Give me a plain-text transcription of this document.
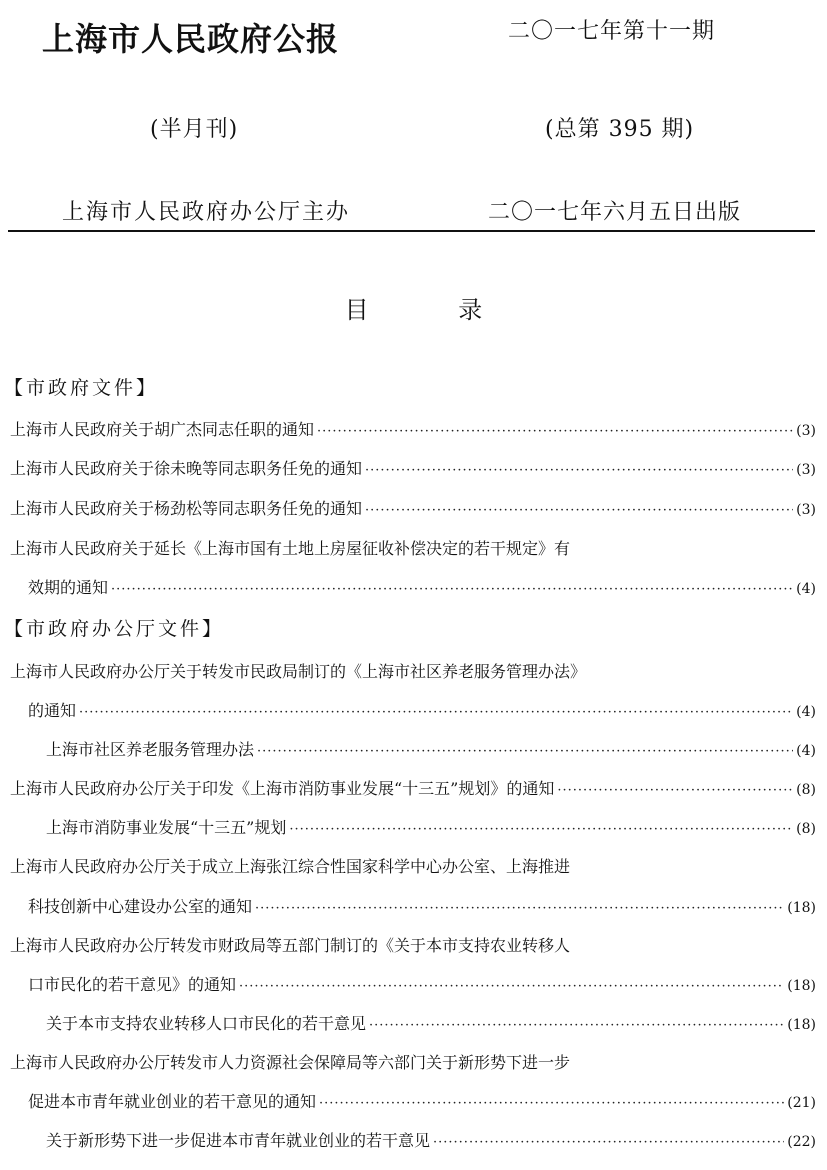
上海市人民政府公报	二〇一七年第十一期
(半月刊)	(总第 395 期)
上海市人民政府办公厅主办	二〇一七年六月五日出版
目 录
【市政府文件】
上海市人民政府关于胡广杰同志任职的通知 ·····	(3)
上海市人民政府关于徐未晚等同志职务任免的通知 ·····	(3)
上海市人民政府关于杨劲松等同志职务任免的通知 ·····	(3)
上海市人民政府关于延长《上海市国有土地上房屋征收补偿决定的若干规定》有
效期的通知 ·····	(4)
【市政府办公厅文件】
上海市人民政府办公厅关于转发市民政局制订的《上海市社区养老服务管理办法》
的通知 ·····	(4)
上海市社区养老服务管理办法 ·····	(4)
上海市人民政府办公厅关于印发《上海市消防事业发展“十三五”规划》的通知 ·····	(8)
上海市消防事业发展“十三五”规划 ·····	(8)
上海市人民政府办公厅关于成立上海张江综合性国家科学中心办公室、上海推进
科技创新中心建设办公室的通知 ·····	(18)
上海市人民政府办公厅转发市财政局等五部门制订的《关于本市支持农业转移人
口市民化的若干意见》的通知 ·····	(18)
关于本市支持农业转移人口市民化的若干意见 ·····	(18)
上海市人民政府办公厅转发市人力资源社会保障局等六部门关于新形势下进一步
促进本市青年就业创业的若干意见的通知 ·····	(21)
关于新形势下进一步促进本市青年就业创业的若干意见 ·····	(22)
